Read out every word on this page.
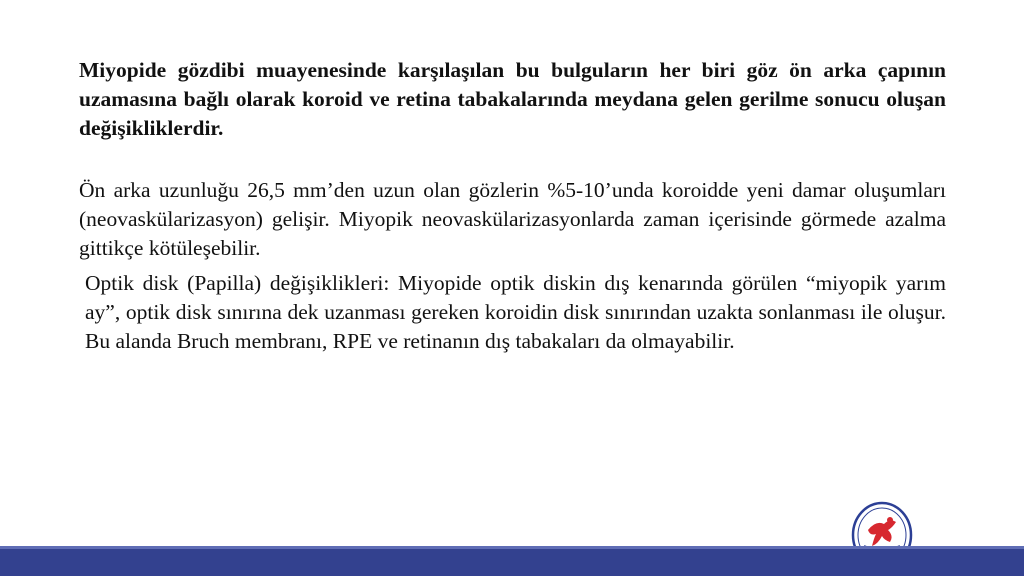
Miyopide gözdibi muayenesinde karşılaşılan bu bulguların her biri göz ön arka çapının uzamasına bağlı olarak koroid ve retina tabakalarında meydana gelen gerilme sonucu oluşan değişikliklerdir.

Ön arka uzunluğu 26,5 mm’den uzun olan gözlerin %5-10’unda koroidde yeni damar oluşumları (neovaskülarizasyon) gelişir. Miyopik neovaskülarizasyonlarda zaman içerisinde görmede azalma gittikçe kötüleşebilir.

Optik disk (Papilla) değişiklikleri: Miyopide optik diskin dış kenarında görülen “miyopik yarım ay”, optik disk sınırına dek uzanması gereken koroidin disk sınırından uzakta sonlanması ile oluşur. Bu alanda Bruch membranı, RPE ve retinanın dış tabakaları da olmayabilir.
